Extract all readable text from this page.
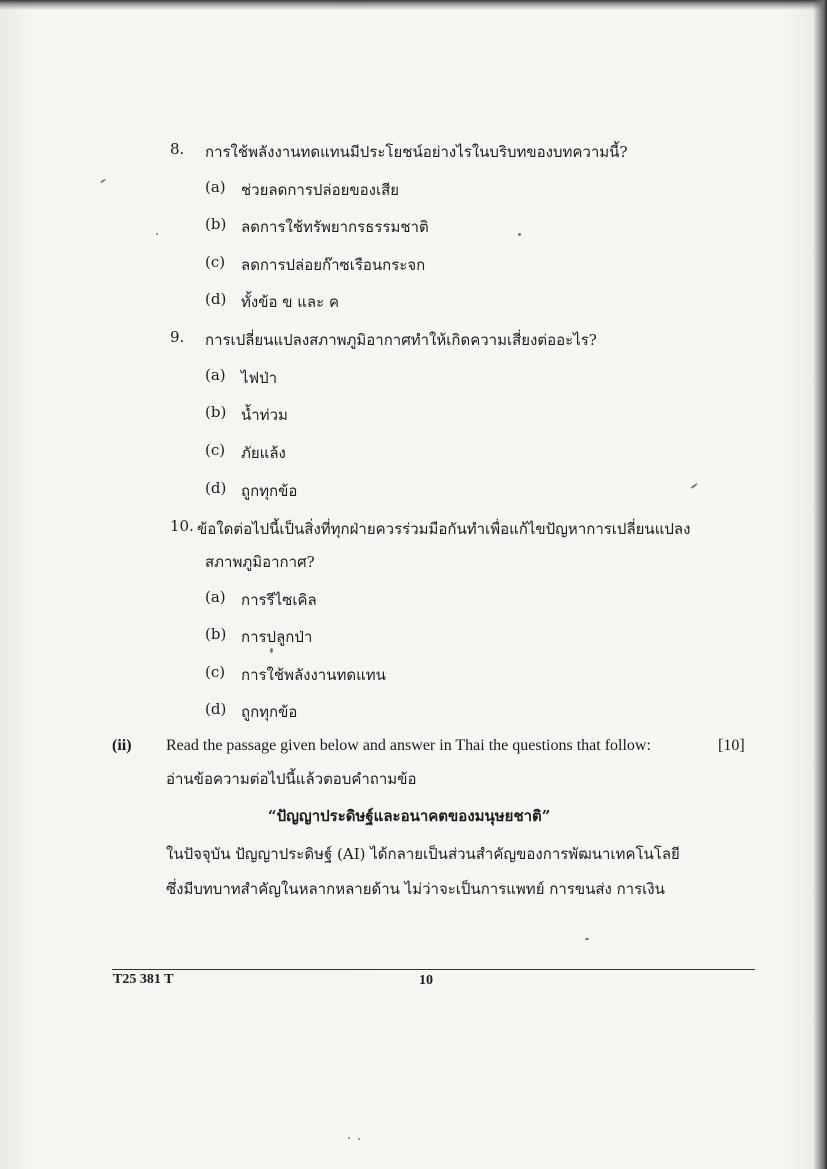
8. การใช้พลังงานทดแทนมีประโยชน์อย่างไรในบริบทของบทความนี้?
(a) ช่วยลดการปล่อยของเสีย
(b) ลดการใช้ทรัพยากรธรรมชาติ
(c) ลดการปล่อยก๊าซเรือนกระจก
(d) ทั้งข้อ ข และ ค
9. การเปลี่ยนแปลงสภาพภูมิอากาศทำให้เกิดความเสี่ยงต่ออะไร?
(a) ไฟป่า
(b) น้ำท่วม
(c) ภัยแล้ง
(d) ถูกทุกข้อ
10. ข้อใดต่อไปนี้เป็นสิ่งที่ทุกฝ่ายควรร่วมมือกันทำเพื่อแก้ไขปัญหาการเปลี่ยนแปลง
สภาพภูมิอากาศ?
(a) การรีไซเคิล
(b) การปลูกป่า
(c) การใช้พลังงานทดแทน
(d) ถูกทุกข้อ
(ii) Read the passage given below and answer in Thai the questions that follow:	[10]
อ่านข้อความต่อไปนี้แล้วตอบคำถามข้อ
“ปัญญาประดิษฐ์และอนาคตของมนุษยชาติ”
ในปัจจุบัน ปัญญาประดิษฐ์ (AI) ได้กลายเป็นส่วนสำคัญของการพัฒนาเทคโนโลยี
ซึ่งมีบทบาทสำคัญในหลากหลายด้าน ไม่ว่าจะเป็นการแพทย์ การขนส่ง การเงิน
T25 381 T	10
